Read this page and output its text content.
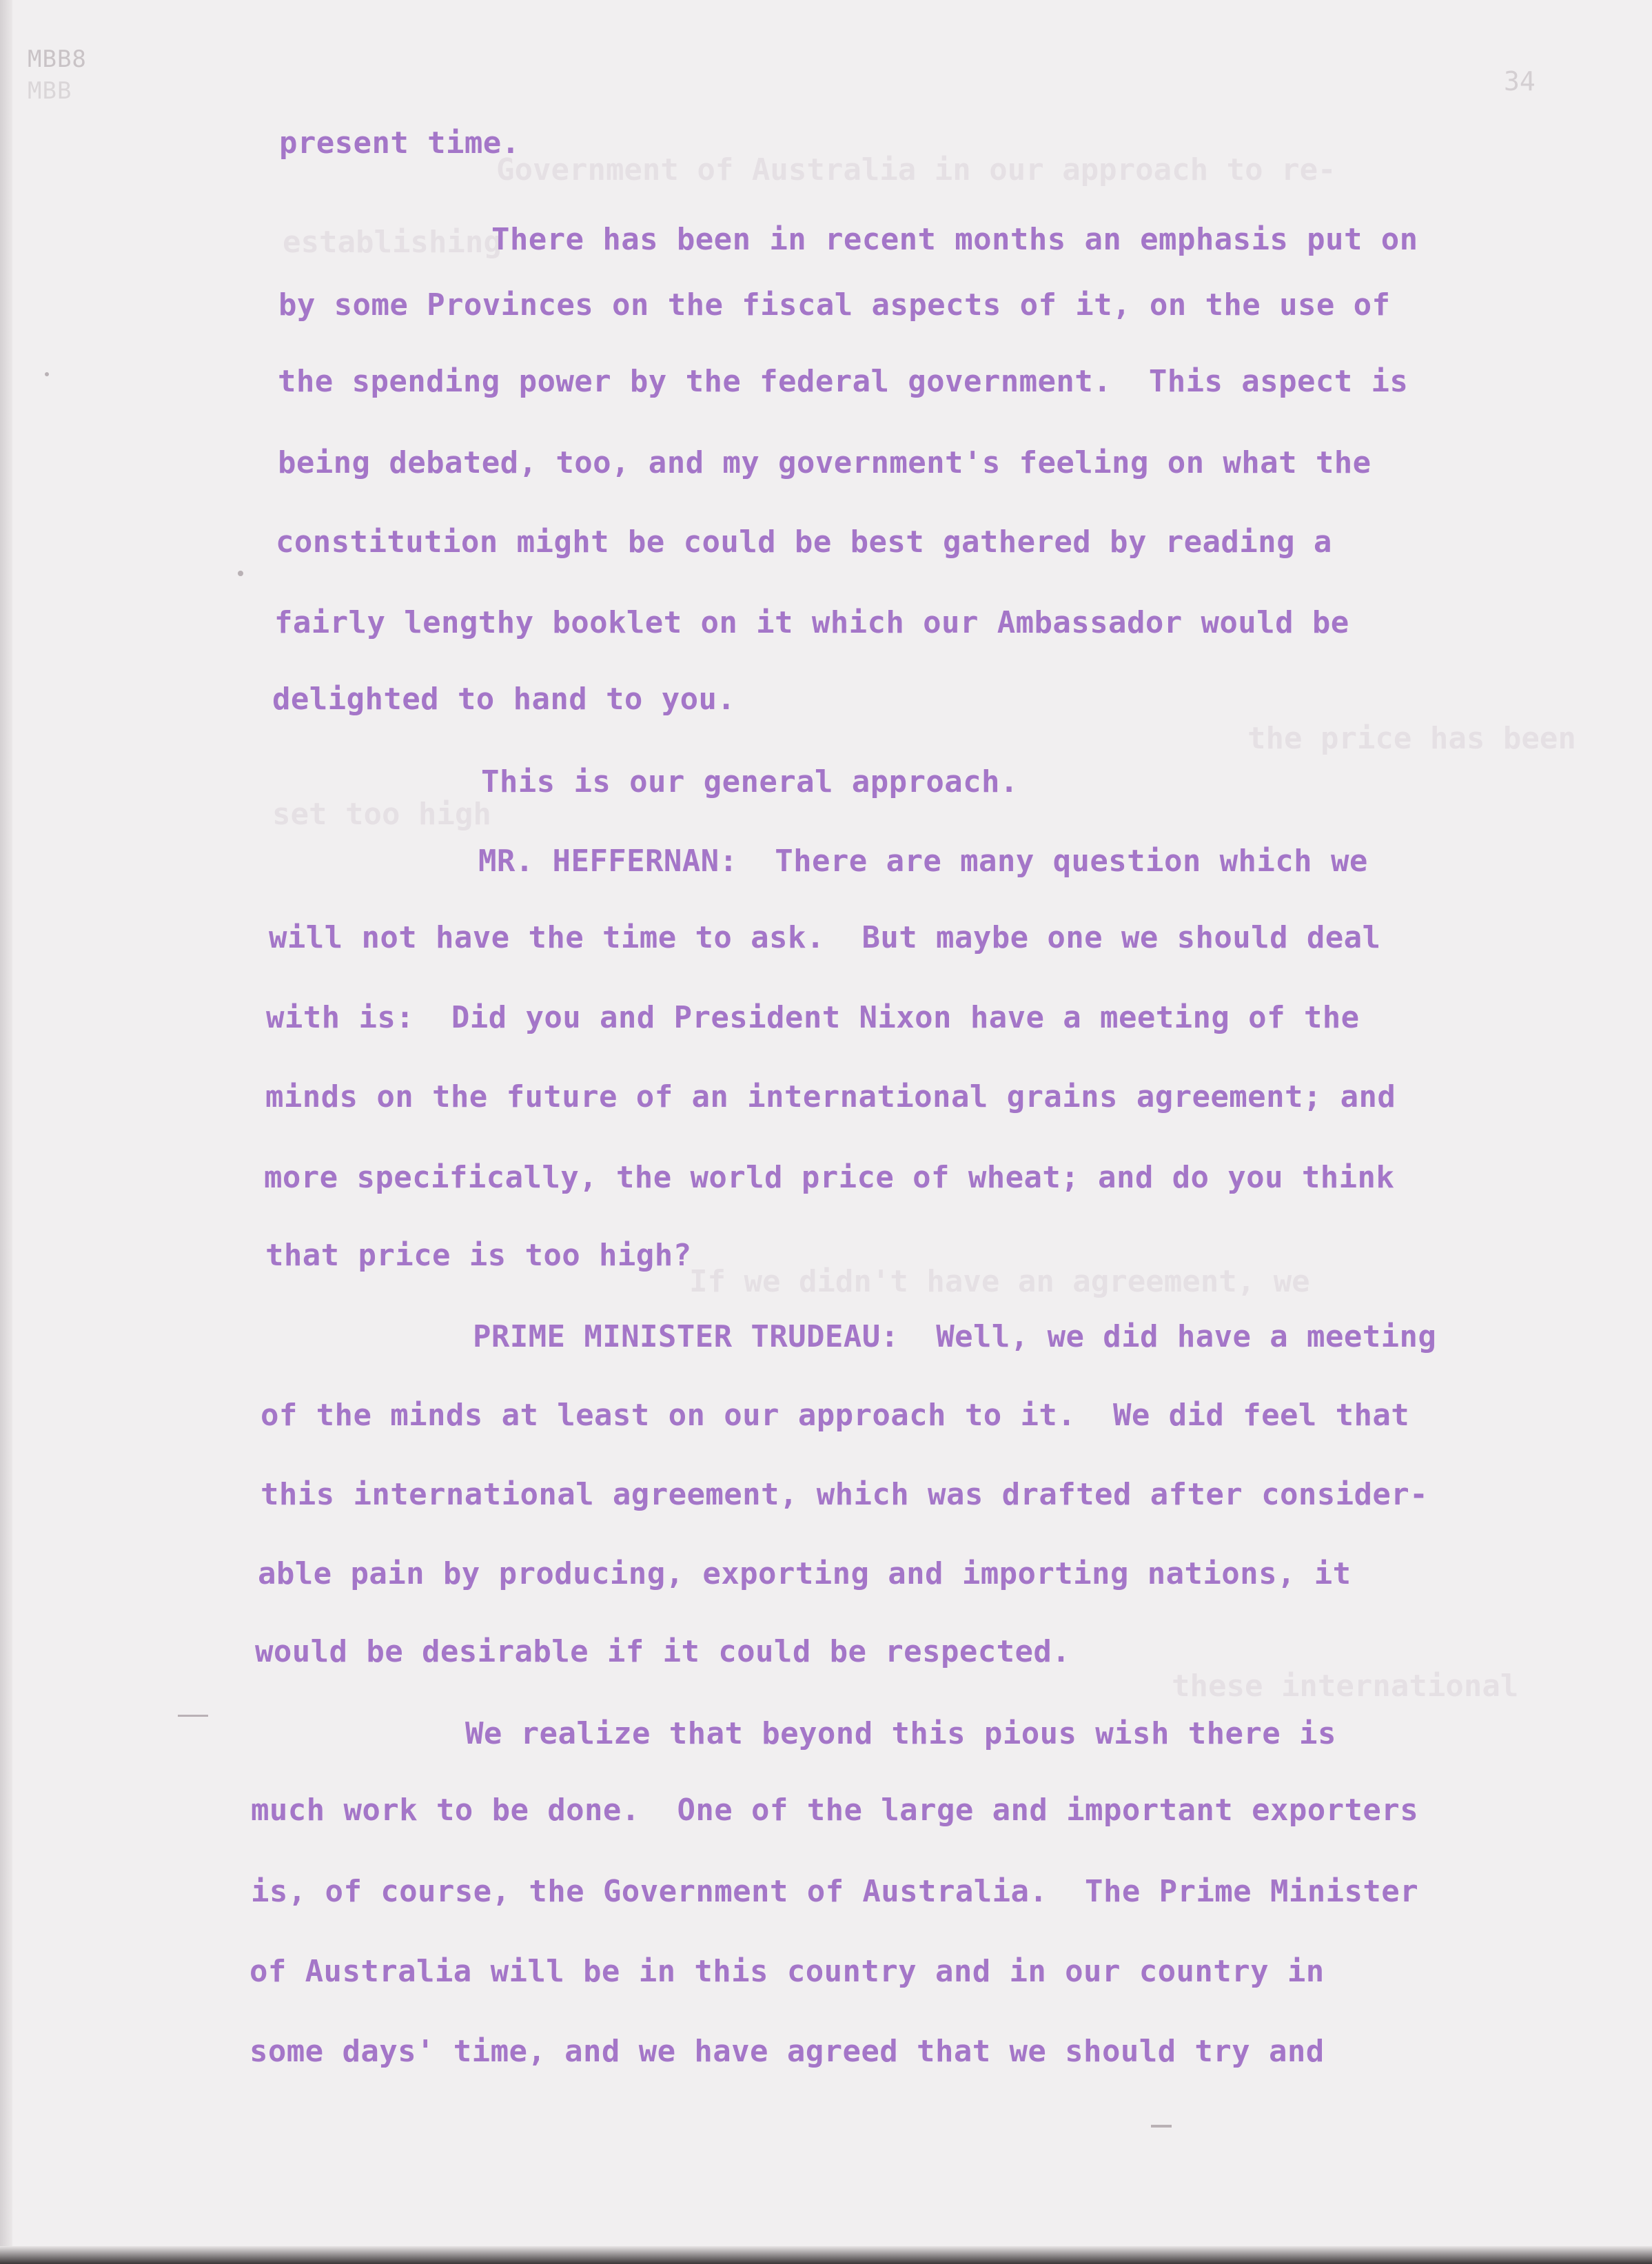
Government of Australia in our approach to re-
establishing
the price has been
set too high
If we didn't have an agreement, we
these international
MBB8
MBB	34

present time.

There has been in recent months an emphasis put on

by some Provinces on the fiscal aspects of it, on the use of

the spending power by the federal government.  This aspect is

being debated, too, and my government's feeling on what the

constitution might be could be best gathered by reading a

fairly lengthy booklet on it which our Ambassador would be

delighted to hand to you.

This is our general approach.

MR. HEFFERNAN:  There are many question which we

will not have the time to ask.  But maybe one we should deal

with is:  Did you and President Nixon have a meeting of the

minds on the future of an international grains agreement; and

more specifically, the world price of wheat; and do you think

that price is too high?

PRIME MINISTER TRUDEAU:  Well, we did have a meeting

of the minds at least on our approach to it.  We did feel that

this international agreement, which was drafted after consider-

able pain by producing, exporting and importing nations, it

would be desirable if it could be respected.

We realize that beyond this pious wish there is

much work to be done.  One of the large and important exporters

is, of course, the Government of Australia.  The Prime Minister

of Australia will be in this country and in our country in

some days' time, and we have agreed that we should try and
